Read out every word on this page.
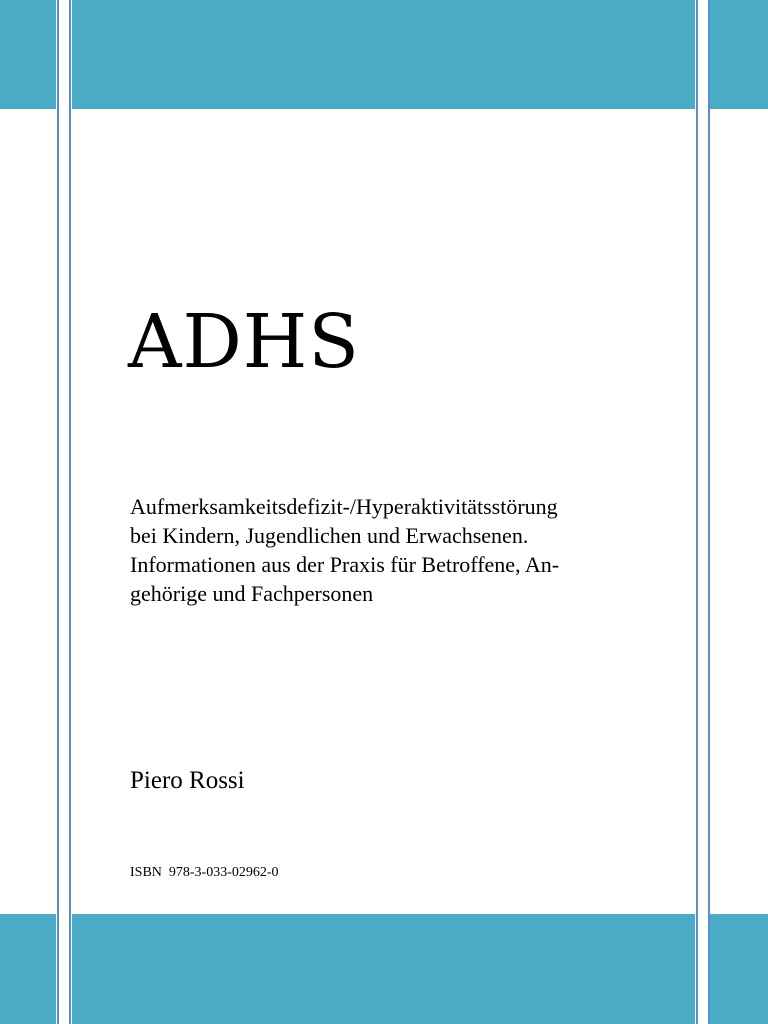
ADHS
Aufmerksamkeitsdefizit-/Hyperaktivitätsstörung
bei Kindern, Jugendlichen und Erwachsenen.
Informationen aus der Praxis für Betroffene, An-
gehörige und Fachpersonen
Piero Rossi
ISBN  978-3-033-02962-0
